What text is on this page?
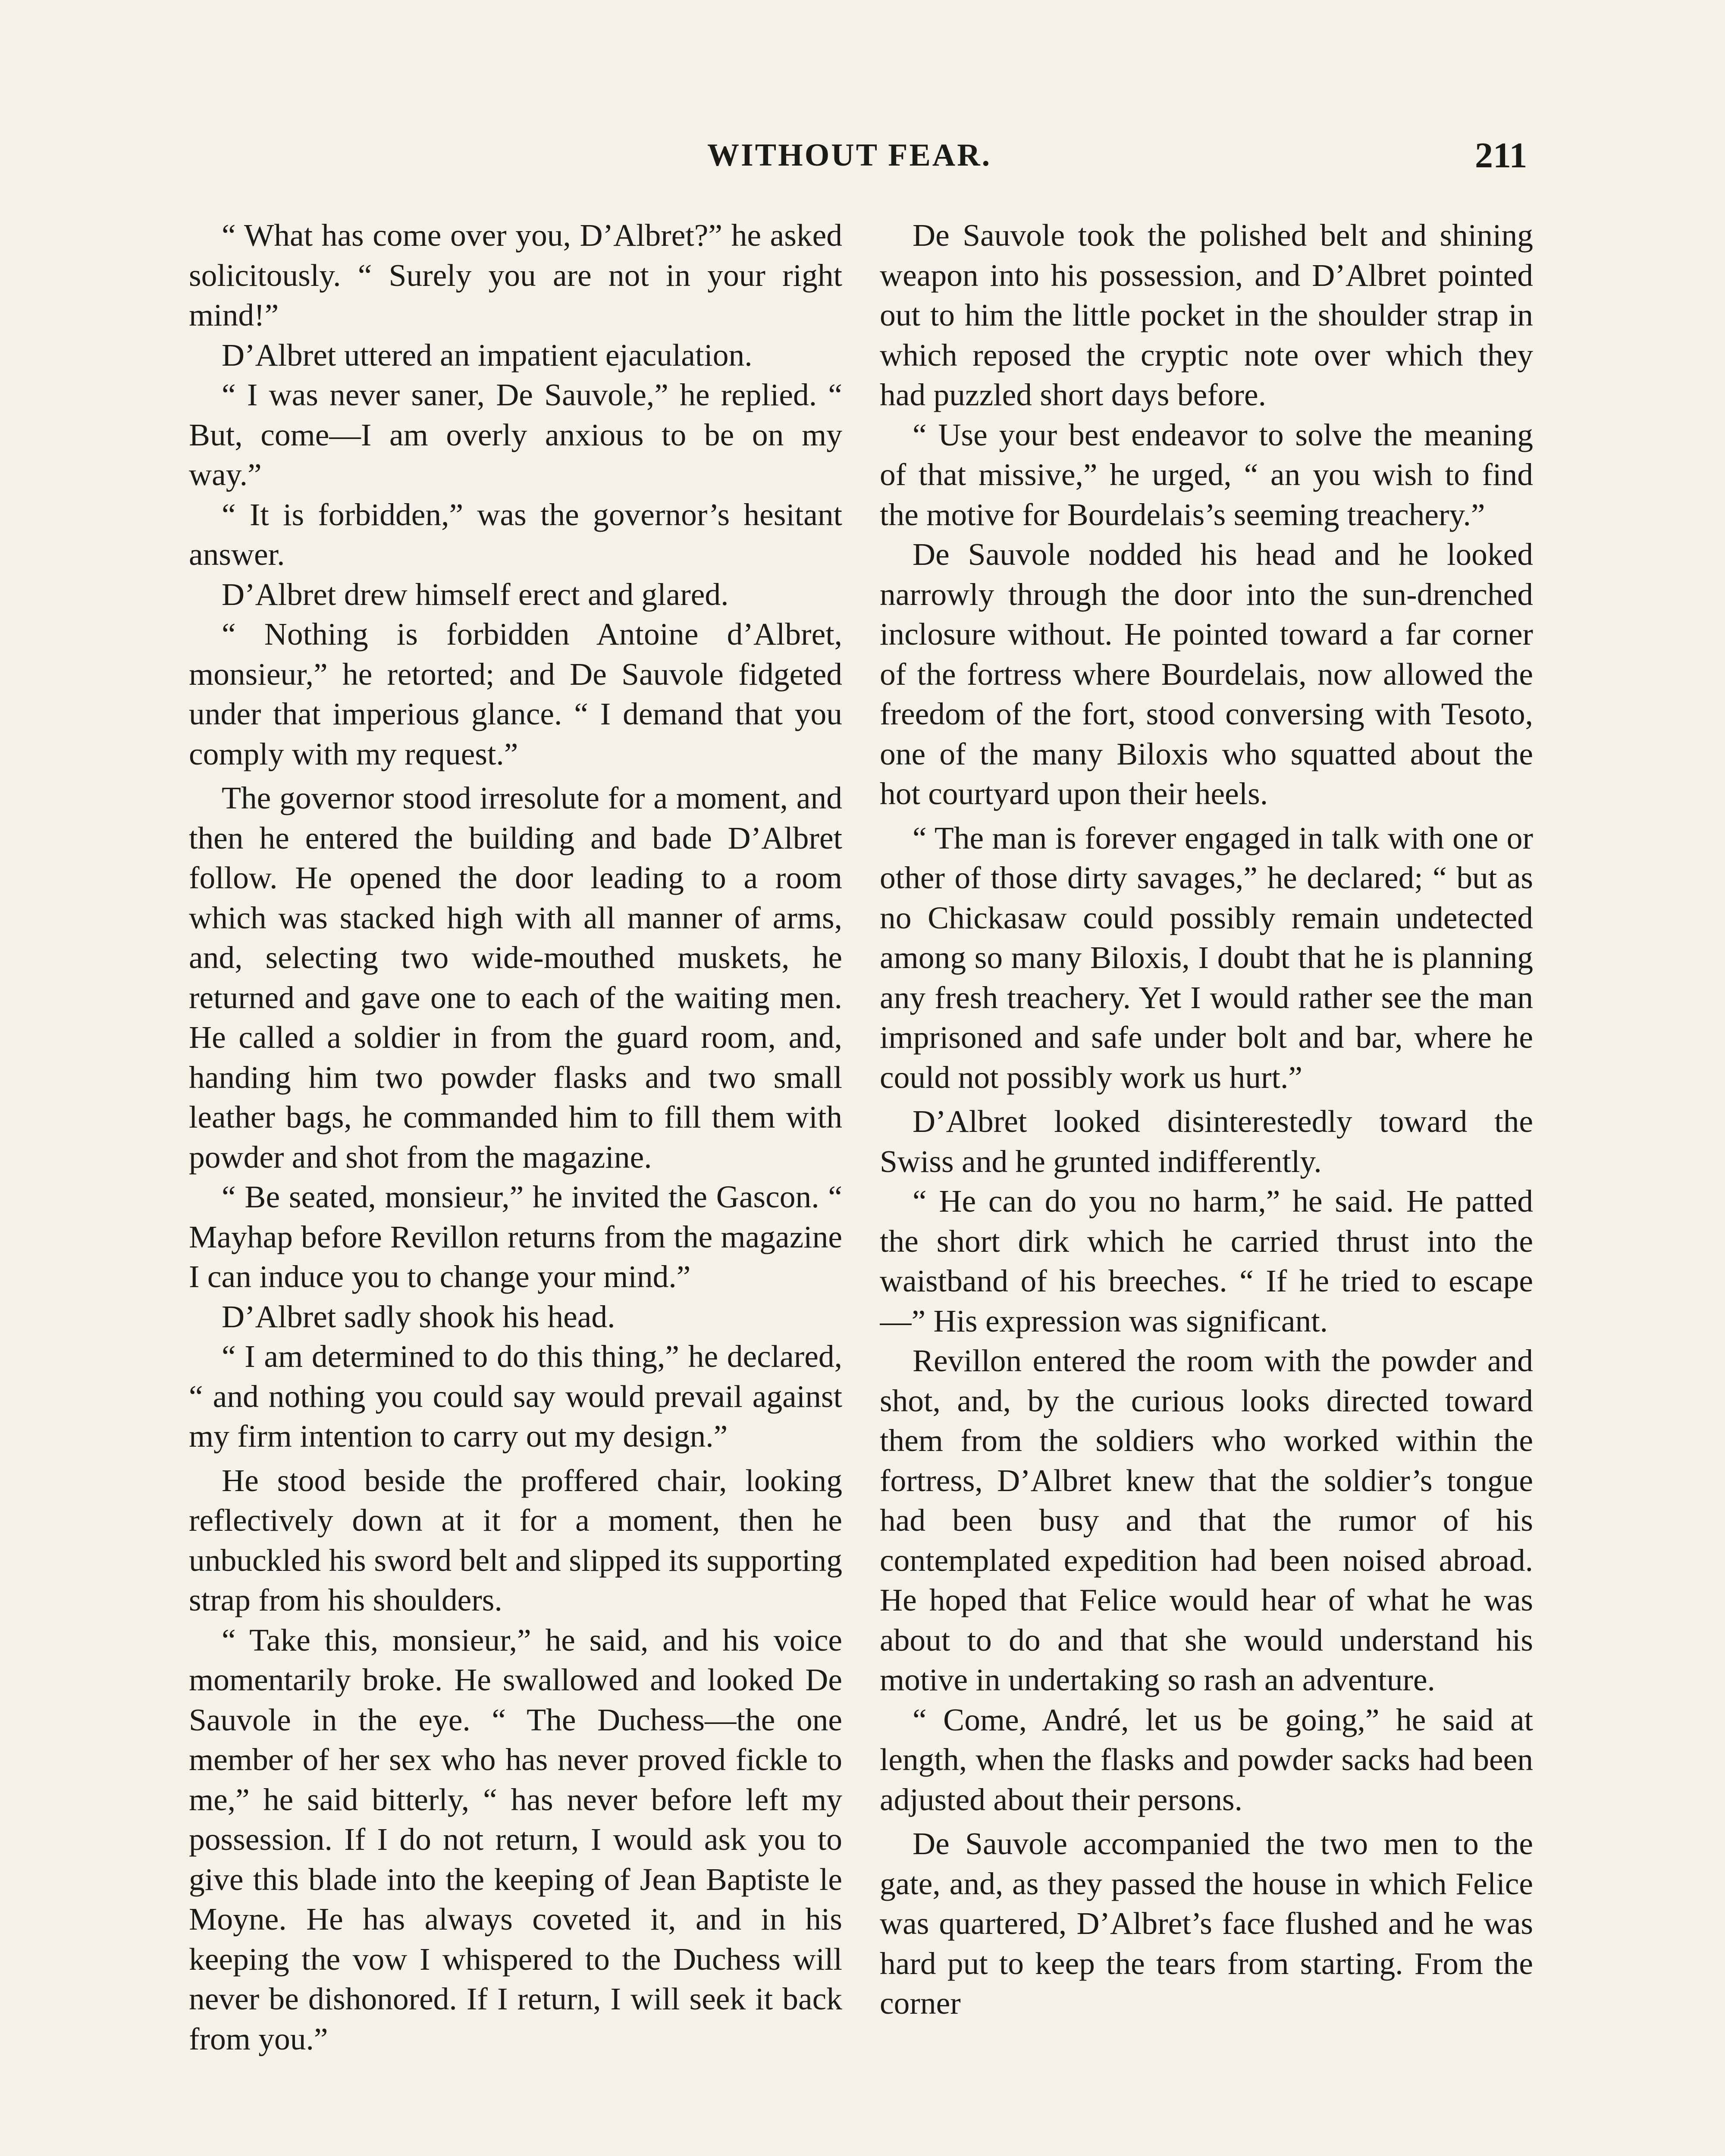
WITHOUT FEAR.	211

“ What has come over you, D’Albret?” he asked solicitously. “ Surely you are not in your right mind!”

D’Albret uttered an impatient ejaculation.

“ I was never saner, De Sauvole,” he replied. “ But, come—I am overly anxious to be on my way.”

“ It is forbidden,” was the governor’s hesitant answer.

D’Albret drew himself erect and glared.

“ Nothing is forbidden Antoine d’Albret, monsieur,” he retorted; and De Sauvole fidgeted under that imperious glance. “ I demand that you comply with my request.”

The governor stood irresolute for a moment, and then he entered the building and bade D’Albret follow. He opened the door leading to a room which was stacked high with all manner of arms, and, selecting two wide-mouthed muskets, he returned and gave one to each of the waiting men. He called a soldier in from the guard room, and, handing him two powder flasks and two small leather bags, he commanded him to fill them with powder and shot from the magazine.

“ Be seated, monsieur,” he invited the Gascon. “ Mayhap before Revillon returns from the magazine I can induce you to change your mind.”

D’Albret sadly shook his head.

“ I am determined to do this thing,” he declared, “ and nothing you could say would prevail against my firm intention to carry out my design.”

He stood beside the proffered chair, looking reflectively down at it for a moment, then he unbuckled his sword belt and slipped its supporting strap from his shoulders.

“ Take this, monsieur,” he said, and his voice momentarily broke. He swallowed and looked De Sauvole in the eye. “ The Duchess—the one member of her sex who has never proved fickle to me,” he said bitterly, “ has never before left my possession. If I do not return, I would ask you to give this blade into the keeping of Jean Baptiste le Moyne. He has always coveted it, and in his keeping the vow I whispered to the Duchess will never be dishonored. If I return, I will seek it back from you.”

De Sauvole took the polished belt and shining weapon into his possession, and D’Albret pointed out to him the little pocket in the shoulder strap in which reposed the cryptic note over which they had puzzled short days before.

“ Use your best endeavor to solve the meaning of that missive,” he urged, “ an you wish to find the motive for Bourdelais’s seeming treachery.”

De Sauvole nodded his head and he looked narrowly through the door into the sun-drenched inclosure without. He pointed toward a far corner of the fortress where Bourdelais, now allowed the freedom of the fort, stood conversing with Tesoto, one of the many Biloxis who squatted about the hot courtyard upon their heels.

“ The man is forever engaged in talk with one or other of those dirty savages,” he declared; “ but as no Chickasaw could possibly remain undetected among so many Biloxis, I doubt that he is planning any fresh treachery. Yet I would rather see the man imprisoned and safe under bolt and bar, where he could not possibly work us hurt.”

D’Albret looked disinterestedly toward the Swiss and he grunted indifferently.

“ He can do you no harm,” he said. He patted the short dirk which he carried thrust into the waistband of his breeches. “ If he tried to escape—” His expression was significant.

Revillon entered the room with the powder and shot, and, by the curious looks directed toward them from the soldiers who worked within the fortress, D’Albret knew that the soldier’s tongue had been busy and that the rumor of his contemplated expedition had been noised abroad. He hoped that Felice would hear of what he was about to do and that she would understand his motive in undertaking so rash an adventure.

“ Come, André, let us be going,” he said at length, when the flasks and powder sacks had been adjusted about their persons.

De Sauvole accompanied the two men to the gate, and, as they passed the house in which Felice was quartered, D’Albret’s face flushed and he was hard put to keep the tears from starting. From the corner
